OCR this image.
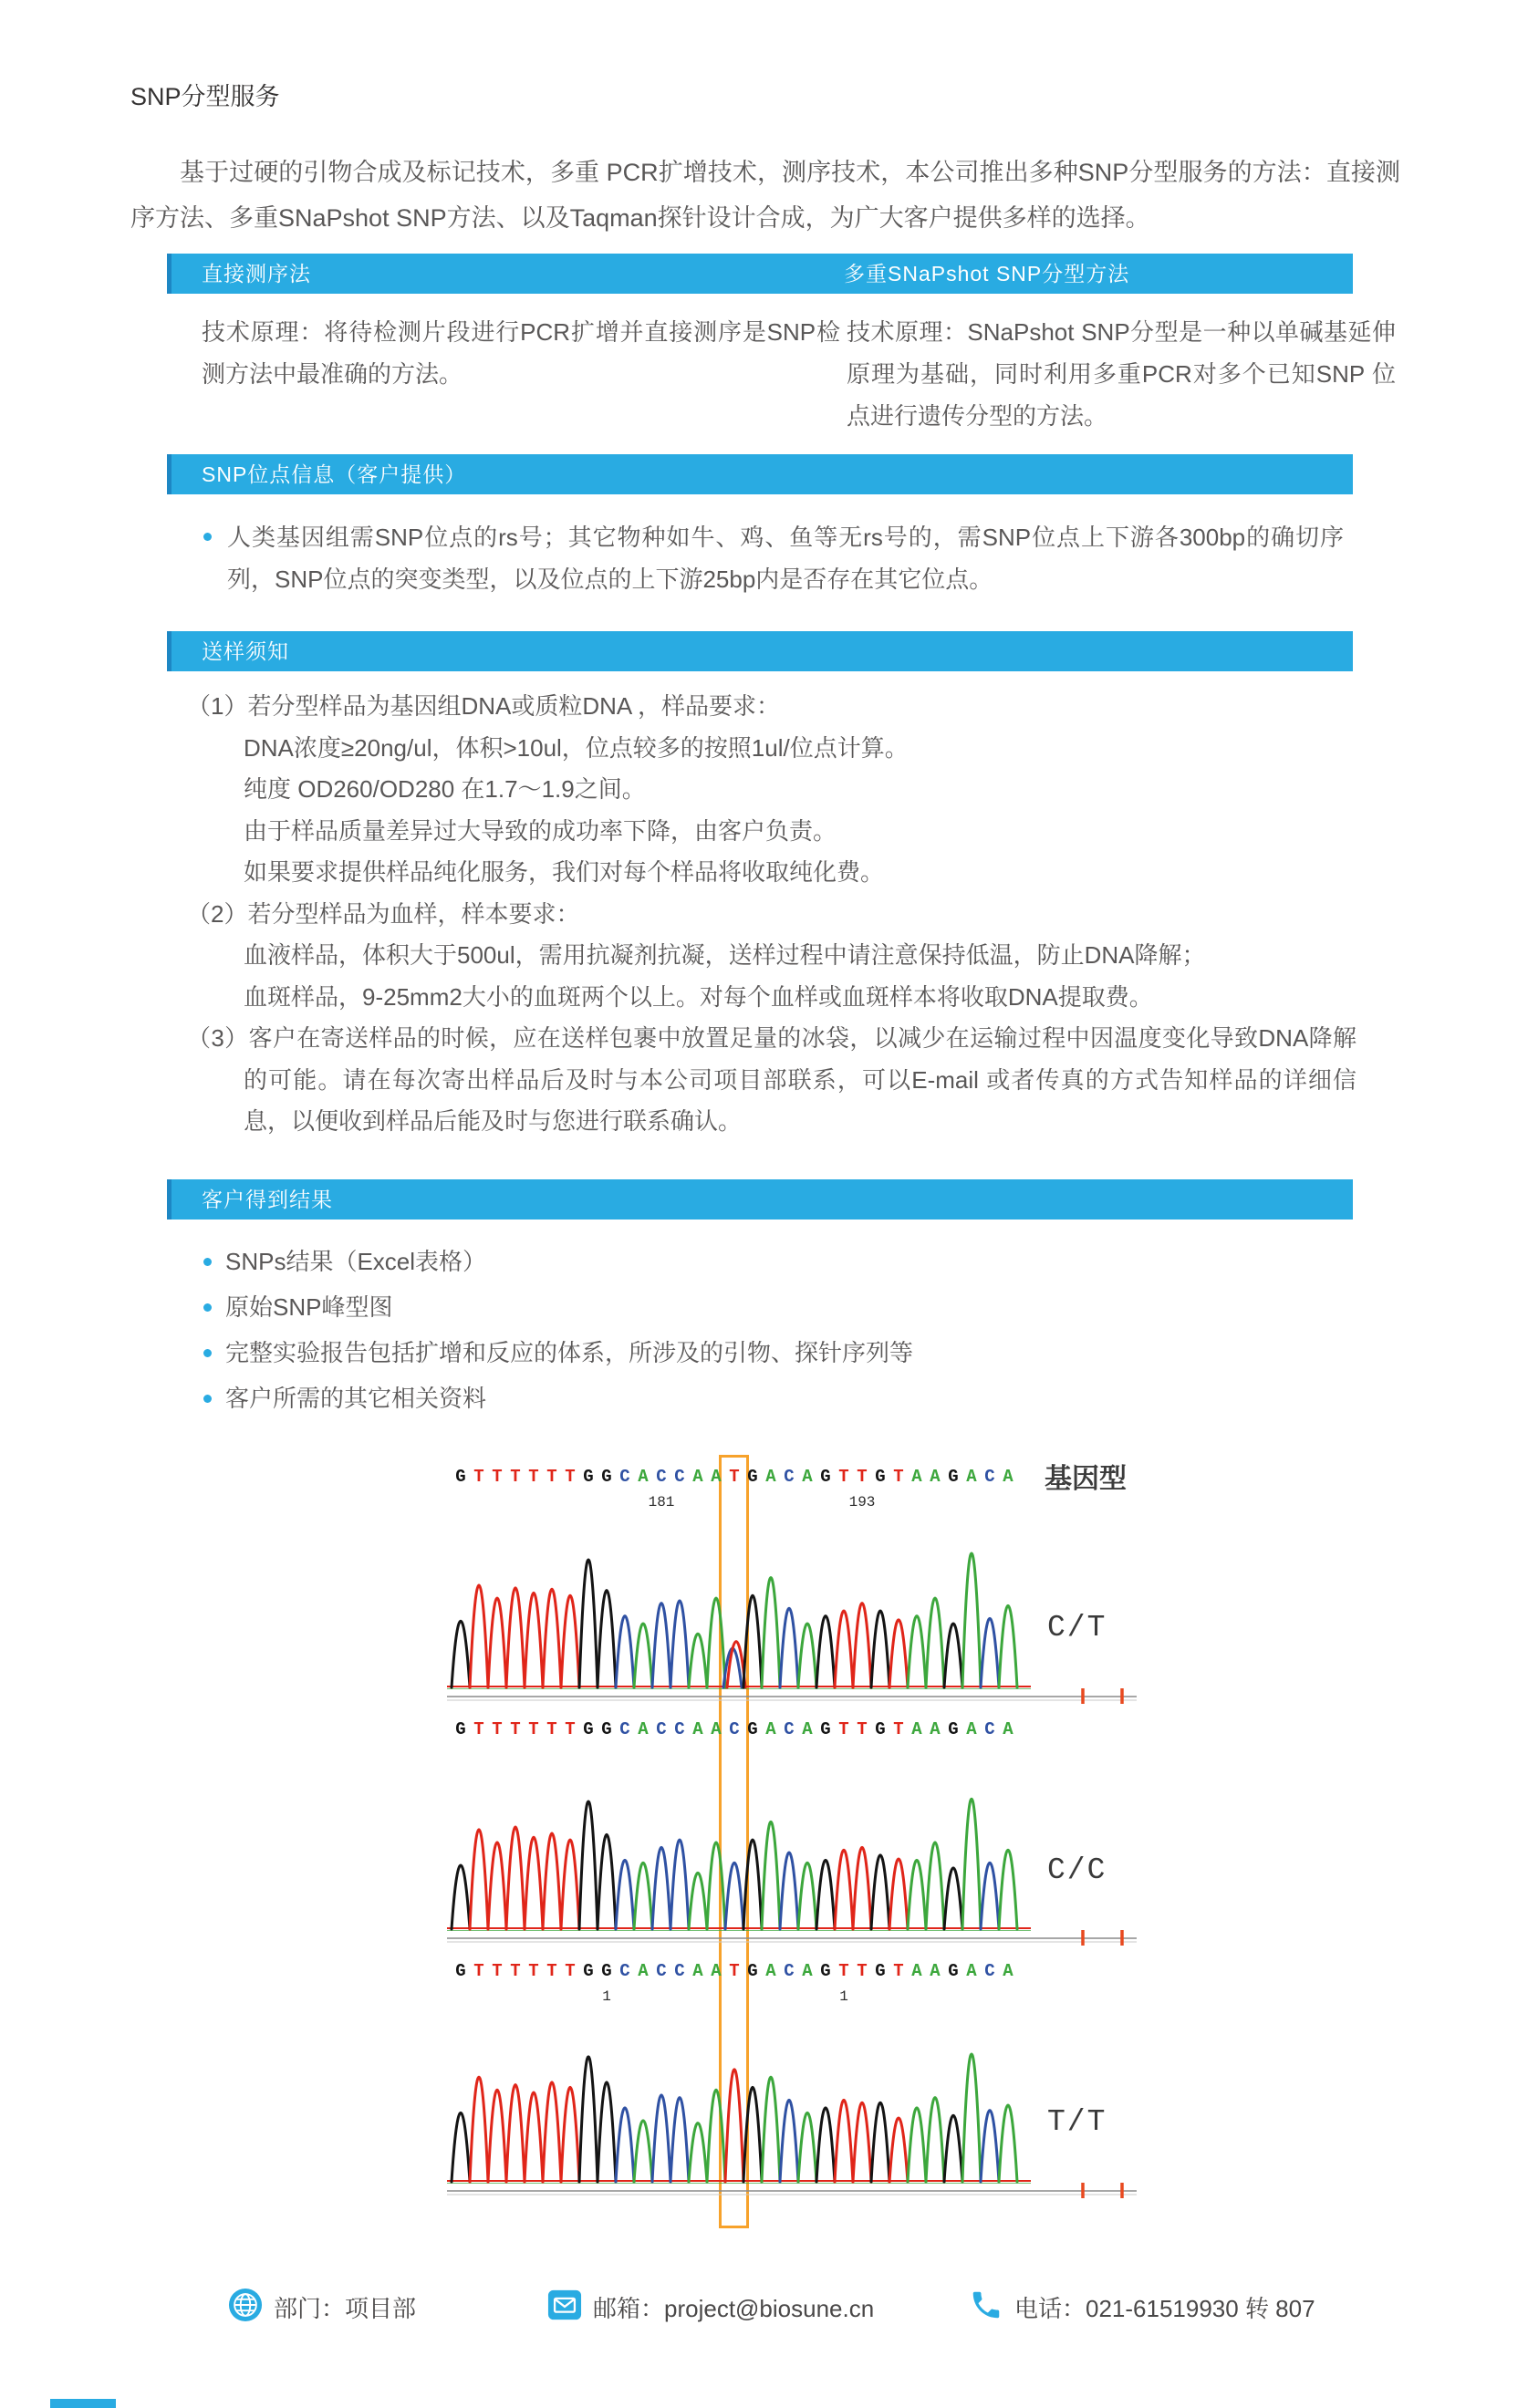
SNP分型服务

基于过硬的引物合成及标记技术，多重 PCR扩增技术，测序技术，本公司推出多种SNP分型服务的方法：直接测序方法、多重SNaPshot SNP方法、以及Taqman探针设计合成，为广大客户提供多样的选择。

直接测序法	多重SNaPshot SNP分型方法
技术原理：将待检测片段进行PCR扩增并直接测序是SNP检测方法中最准确的方法。
技术原理：SNaPshot SNP分型是一种以单碱基延伸原理为基础，同时利用多重PCR对多个已知SNP 位点进行遗传分型的方法。
SNP位点信息（客户提供）
人类基因组需SNP位点的rs号；其它物种如牛、鸡、鱼等无rs号的，需SNP位点上下游各300bp的确切序列，SNP位点的突变类型，以及位点的上下游25bp内是否存在其它位点。
送样须知
（1）若分型样品为基因组DNA或质粒DNA ，样品要求：
DNA浓度≥20ng/ul，体积>10ul，位点较多的按照1ul/位点计算。
纯度 OD260/OD280 在1.7～1.9之间。
由于样品质量差异过大导致的成功率下降，由客户负责。
如果要求提供样品纯化服务，我们对每个样品将收取纯化费。
（2）若分型样品为血样，样本要求：
血液样品，体积大于500ul，需用抗凝剂抗凝，送样过程中请注意保持低温，防止DNA降解；
血斑样品，9-25mm2大小的血斑两个以上。对每个血样或血斑样本将收取DNA提取费。
（3）客户在寄送样品的时候，应在送样包裹中放置足量的冰袋，以减少在运输过程中因温度变化导致DNA降解的可能。请在每次寄出样品后及时与本公司项目部联系，可以E-mail 或者传真的方式告知样品的详细信息，以便收到样品后能及时与您进行联系确认。
客户得到结果
SNPs结果（Excel表格）
原始SNP峰型图
完整实验报告包括扩增和反应的体系，所涉及的引物、探针序列等
客户所需的其它相关资料
基因型
G T T T T T T G G C A C C A A T G A C A G T T G T A A G A C A
181	193
C/T
G T T T T T T G G C A C C A A C G A C A G T T G T A A G A C A
C/C
G T T T T T T G G C A C C A A T G A C A G T T G T A A G A C A
1	1
T/T
部门：项目部	邮箱：project@biosune.cn	电话：021-61519930 转 807
